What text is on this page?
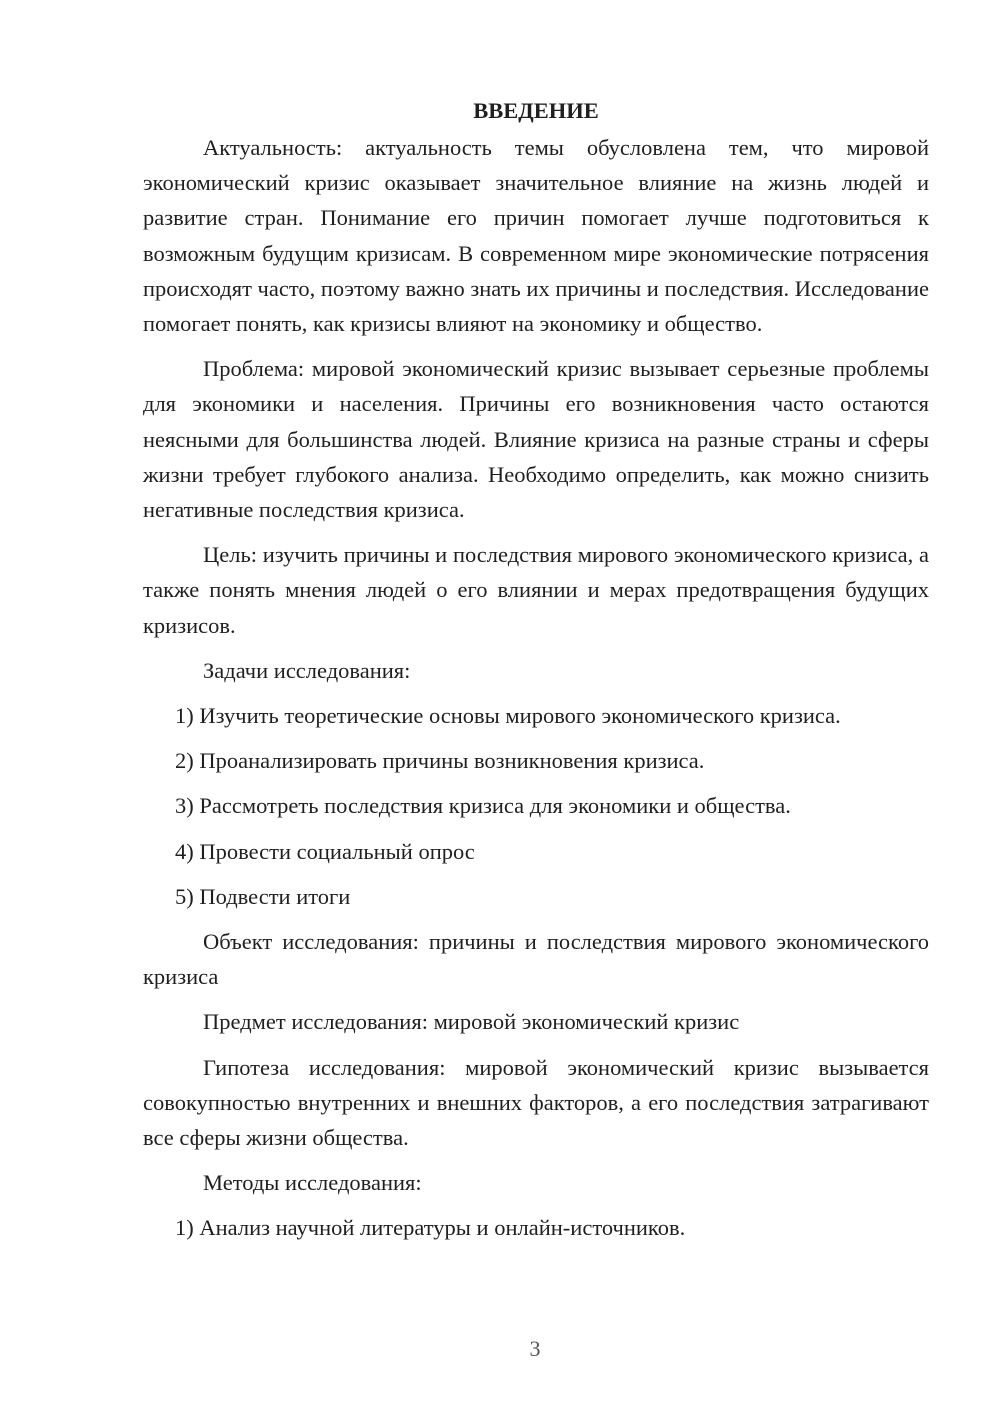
ВВЕДЕНИЕ

Актуальность: актуальность темы обусловлена тем, что мировой экономический кризис оказывает значительное влияние на жизнь людей и развитие стран. Понимание его причин помогает лучше подготовиться к возможным будущим кризисам. В современном мире экономические потрясения происходят часто, поэтому важно знать их причины и последствия. Исследование помогает понять, как кризисы влияют на экономику и общество.

Проблема: мировой экономический кризис вызывает серьезные проблемы для экономики и населения. Причины его возникновения часто остаются неясными для большинства людей. Влияние кризиса на разные страны и сферы жизни требует глубокого анализа. Необходимо определить, как можно снизить негативные последствия кризиса.

Цель: изучить причины и последствия мирового экономического кризиса, а также понять мнения людей о его влиянии и мерах предотвращения будущих кризисов.

Задачи исследования:

1) Изучить теоретические основы мирового экономического кризиса.

2) Проанализировать причины возникновения кризиса.

3) Рассмотреть последствия кризиса для экономики и общества.

4) Провести социальный опрос

5) Подвести итоги

Объект исследования: причины и последствия мирового экономического кризиса

Предмет исследования: мировой экономический кризис

Гипотеза исследования: мировой экономический кризис вызывается совокупностью внутренних и внешних факторов, а его последствия затрагивают все сферы жизни общества.

Методы исследования:

1) Анализ научной литературы и онлайн-источников.

3
